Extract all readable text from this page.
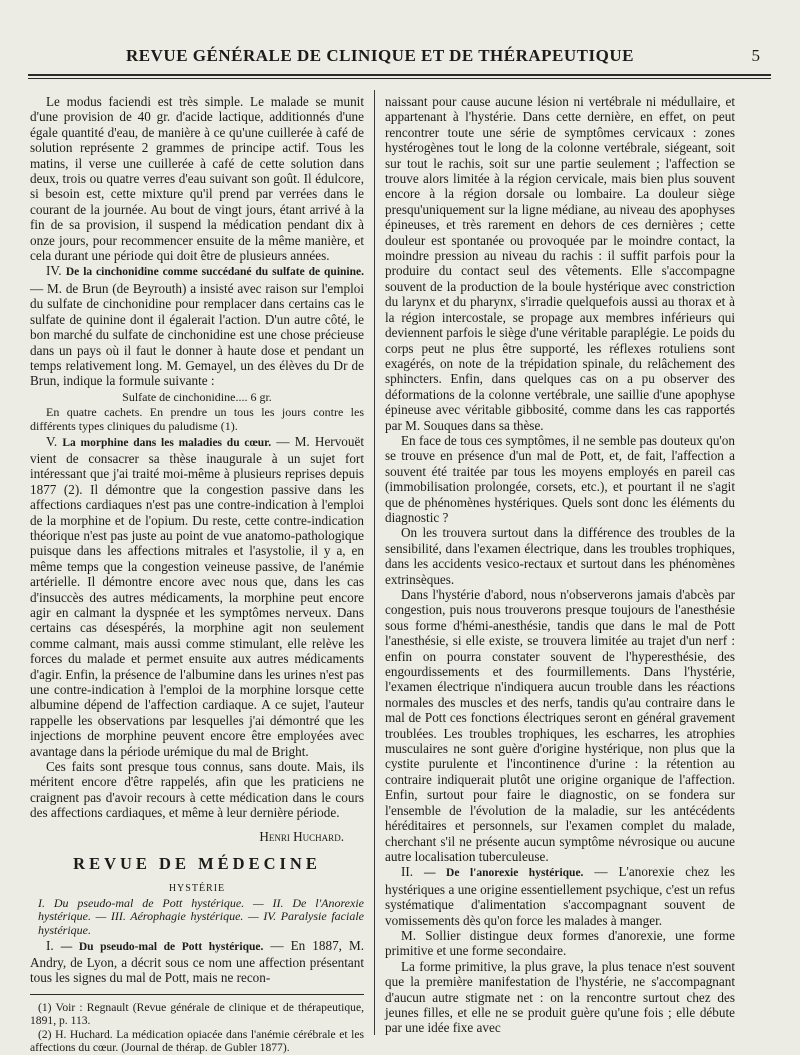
REVUE GÉNÉRALE DE CLINIQUE ET DE THÉRAPEUTIQUE	5

Le modus faciendi est très simple. Le malade se munit d'une provision de 40 gr. d'acide lactique, additionnés d'une égale quantité d'eau, de manière à ce qu'une cuillerée à café de solution représente 2 grammes de principe actif. Tous les matins, il verse une cuillerée à café de cette solution dans deux, trois ou quatre verres d'eau suivant son goût. Il édulcore, si besoin est, cette mixture qu'il prend par verrées dans le courant de la journée. Au bout de vingt jours, étant arrivé à la fin de sa provision, il suspend la médication pendant dix à onze jours, pour recommencer ensuite de la même manière, et cela durant une période qui doit être de plusieurs années.

IV. De la cinchonidine comme succédané du sulfate de quinine. — M. de Brun (de Beyrouth) a insisté avec raison sur l'emploi du sulfate de cinchonidine pour remplacer dans certains cas le sulfate de quinine dont il égalerait l'action. D'un autre côté, le bon marché du sulfate de cinchonidine est une chose précieuse dans un pays où il faut le donner à haute dose et pendant un temps relativement long. M. Gemayel, un des élèves du Dr de Brun, indique la formule suivante :

Sulfate de cinchonidine.... 6 gr.

En quatre cachets. En prendre un tous les jours contre les différents types cliniques du paludisme (1).

V. La morphine dans les maladies du cœur. — M. Hervouët vient de consacrer sa thèse inaugurale à un sujet fort intéressant que j'ai traité moi-même à plusieurs reprises depuis 1877 (2). Il démontre que la congestion passive dans les affections cardiaques n'est pas une contre-indication à l'emploi de la morphine et de l'opium. Du reste, cette contre-indication théorique n'est pas juste au point de vue anatomo-pathologique puisque dans les affections mitrales et l'asystolie, il y a, en même temps que la congestion veineuse passive, de l'anémie artérielle. Il démontre encore avec nous que, dans les cas d'insuccès des autres médicaments, la morphine peut encore agir en calmant la dyspnée et les symptômes nerveux. Dans certains cas désespérés, la morphine agit non seulement comme calmant, mais aussi comme stimulant, elle relève les forces du malade et permet ensuite aux autres médicaments d'agir. Enfin, la présence de l'albumine dans les urines n'est pas une contre-indication à l'emploi de la morphine lorsque cette albumine dépend de l'affection cardiaque. A ce sujet, l'auteur rappelle les observations par lesquelles j'ai démontré que les injections de morphine peuvent encore être employées avec avantage dans la période urémique du mal de Bright.

Ces faits sont presque tous connus, sans doute. Mais, ils méritent encore d'être rappelés, afin que les praticiens ne craignent pas d'avoir recours à cette médication dans le cours des affections cardiaques, et même à leur dernière période.

Henri Huchard.
REVUE DE MÉDECINE
HYSTÉRIE

I. Du pseudo-mal de Pott hystérique. — II. De l'Anorexie hystérique. — III. Aérophagie hystérique. — IV. Paralysie faciale hystérique.

I. — Du pseudo-mal de Pott hystérique. — En 1887, M. Andry, de Lyon, a décrit sous ce nom une affection présentant tous les signes du mal de Pott, mais ne recon-

(1) Voir : Regnault (Revue générale de clinique et de thérapeutique, 1891, p. 113.

(2) H. Huchard. La médication opiacée dans l'anémie cérébrale et les affections du cœur. (Journal de thérap. de Gubler 1877).

naissant pour cause aucune lésion ni vertébrale ni médullaire, et appartenant à l'hystérie. Dans cette dernière, en effet, on peut rencontrer toute une série de symptômes cervicaux : zones hystérogènes tout le long de la colonne vertébrale, siégeant, soit sur tout le rachis, soit sur une partie seulement ; l'affection se trouve alors limitée à la région cervicale, mais bien plus souvent encore à la région dorsale ou lombaire. La douleur siège presqu'uniquement sur la ligne médiane, au niveau des apophyses épineuses, et très rarement en dehors de ces dernières ; cette douleur est spontanée ou provoquée par le moindre contact, la moindre pression au niveau du rachis : il suffit parfois pour la produire du contact seul des vêtements. Elle s'accompagne souvent de la production de la boule hystérique avec constriction du larynx et du pharynx, s'irradie quelquefois aussi au thorax et à la région intercostale, se propage aux membres inférieurs qui deviennent parfois le siège d'une véritable paraplégie. Le poids du corps peut ne plus être supporté, les réflexes rotuliens sont exagérés, on note de la trépidation spinale, du relâchement des sphincters. Enfin, dans quelques cas on a pu observer des déformations de la colonne vertébrale, une saillie d'une apophyse épineuse avec véritable gibbosité, comme dans les cas rapportés par M. Souques dans sa thèse.

En face de tous ces symptômes, il ne semble pas douteux qu'on se trouve en présence d'un mal de Pott, et, de fait, l'affection a souvent été traitée par tous les moyens employés en pareil cas (immobilisation prolongée, corsets, etc.), et pourtant il ne s'agit que de phénomènes hystériques. Quels sont donc les éléments du diagnostic ?

On les trouvera surtout dans la différence des troubles de la sensibilité, dans l'examen électrique, dans les troubles trophiques, dans les accidents vesico-rectaux et surtout dans les phénomènes extrinsèques.

Dans l'hystérie d'abord, nous n'observerons jamais d'abcès par congestion, puis nous trouverons presque toujours de l'anesthésie sous forme d'hémi-anesthésie, tandis que dans le mal de Pott l'anesthésie, si elle existe, se trouvera limitée au trajet d'un nerf : enfin on pourra constater souvent de l'hyperesthésie, des engourdissements et des fourmillements. Dans l'hystérie, l'examen électrique n'indiquera aucun trouble dans les réactions normales des muscles et des nerfs, tandis qu'au contraire dans le mal de Pott ces fonctions électriques seront en général gravement troublées. Les troubles trophiques, les escharres, les atrophies musculaires ne sont guère d'origine hystérique, non plus que la cystite purulente et l'incontinence d'urine : la rétention au contraire indiquerait plutôt une origine organique de l'affection. Enfin, surtout pour faire le diagnostic, on se fondera sur l'ensemble de l'évolution de la maladie, sur les antécédents héréditaires et personnels, sur l'examen complet du malade, cherchant s'il ne présente aucun symptôme névrosique ou aucune autre localisation tuberculeuse.

II. — De l'anorexie hystérique. — L'anorexie chez les hystériques a une origine essentiellement psychique, c'est un refus systématique d'alimentation s'accompagnant souvent de vomissements dès qu'on force les malades à manger.

M. Sollier distingue deux formes d'anorexie, une forme primitive et une forme secondaire.

La forme primitive, la plus grave, la plus tenace n'est souvent que la première manifestation de l'hystérie, ne s'accompagnant d'aucun autre stigmate net : on la rencontre surtout chez des jeunes filles, et elle ne se produit guère qu'une fois ; elle débute par une idée fixe avec
